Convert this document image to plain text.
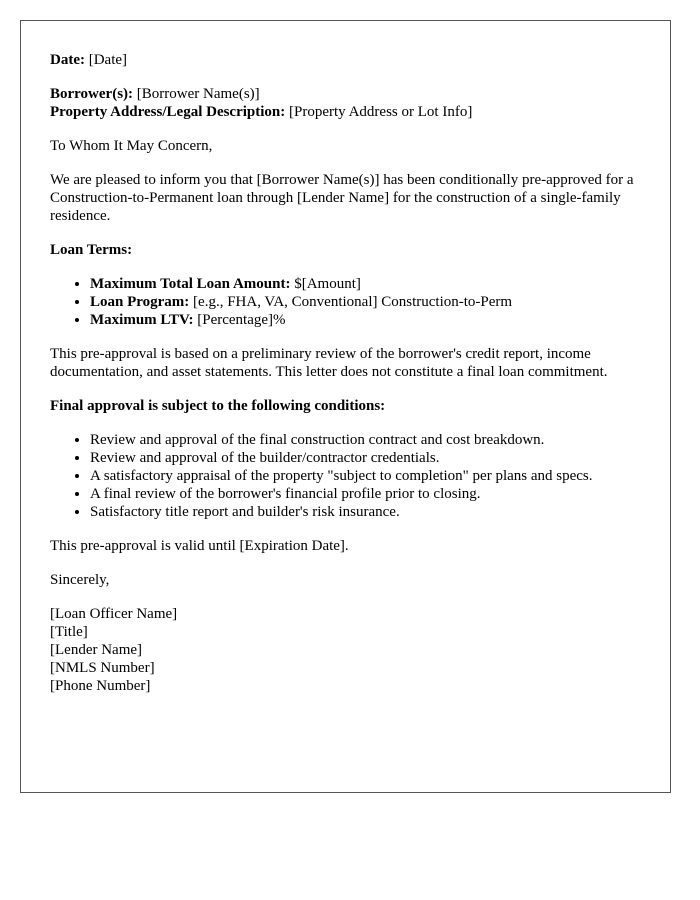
Date: [Date]

Borrower(s): [Borrower Name(s)]
Property Address/Legal Description: [Property Address or Lot Info]

To Whom It May Concern,

We are pleased to inform you that [Borrower Name(s)] has been conditionally pre-approved for a Construction-to-Permanent loan through [Lender Name] for the construction of a single-family residence.

Loan Terms:

• Maximum Total Loan Amount: $[Amount]
• Loan Program: [e.g., FHA, VA, Conventional] Construction-to-Perm
• Maximum LTV: [Percentage]%

This pre-approval is based on a preliminary review of the borrower's credit report, income documentation, and asset statements. This letter does not constitute a final loan commitment.

Final approval is subject to the following conditions:

• Review and approval of the final construction contract and cost breakdown.
• Review and approval of the builder/contractor credentials.
• A satisfactory appraisal of the property "subject to completion" per plans and specs.
• A final review of the borrower's financial profile prior to closing.
• Satisfactory title report and builder's risk insurance.

This pre-approval is valid until [Expiration Date].

Sincerely,

[Loan Officer Name]
[Title]
[Lender Name]
[NMLS Number]
[Phone Number]
